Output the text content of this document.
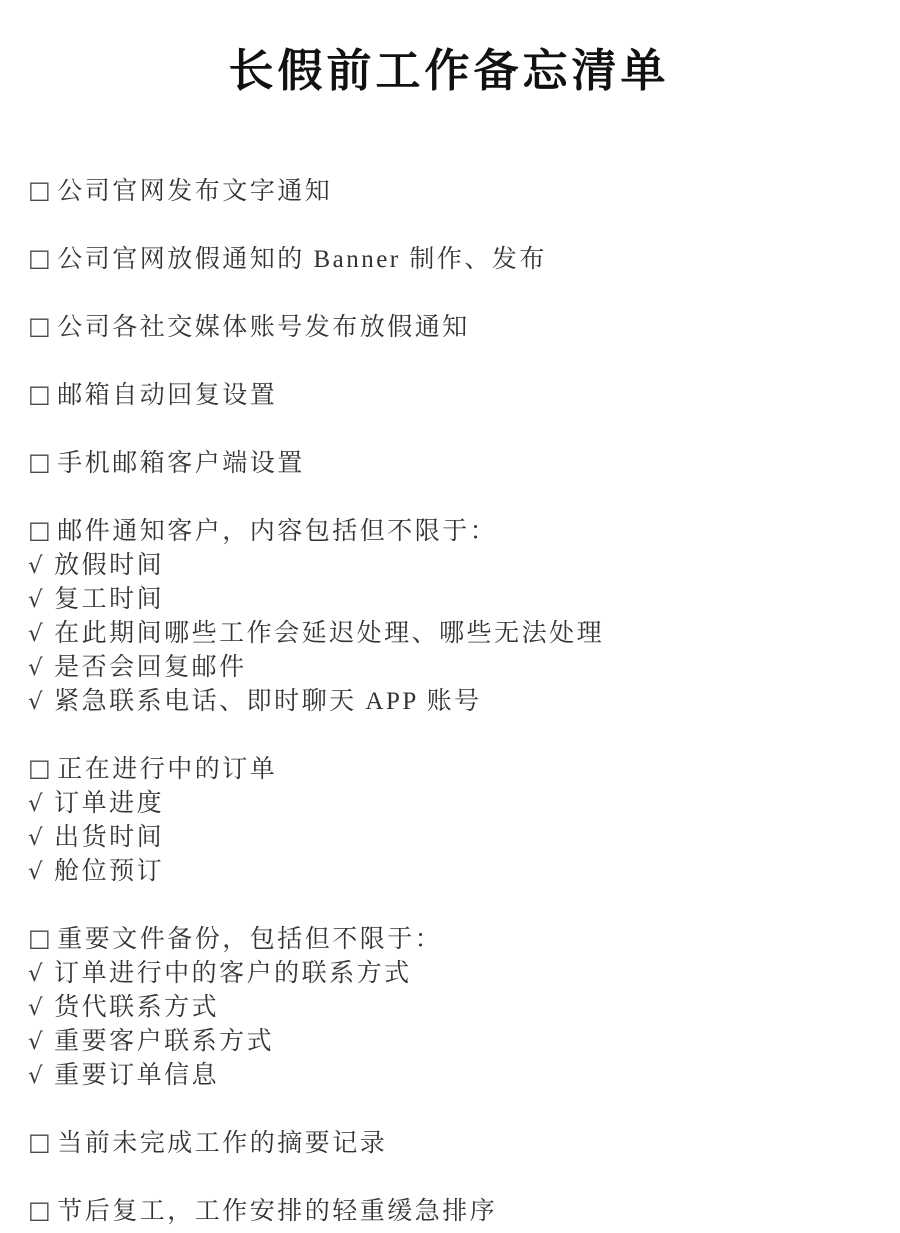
长假前工作备忘清单
□ 公司官网发布文字通知
□ 公司官网放假通知的 Banner 制作、发布
□ 公司各社交媒体账号发布放假通知
□ 邮箱自动回复设置
□ 手机邮箱客户端设置
□ 邮件通知客户，内容包括但不限于：
√ 放假时间
√ 复工时间
√ 在此期间哪些工作会延迟处理、哪些无法处理
√ 是否会回复邮件
√ 紧急联系电话、即时聊天 APP 账号
□ 正在进行中的订单
√ 订单进度
√ 出货时间
√ 舱位预订
□ 重要文件备份，包括但不限于：
√ 订单进行中的客户的联系方式
√ 货代联系方式
√ 重要客户联系方式
√ 重要订单信息
□ 当前未完成工作的摘要记录
□ 节后复工，工作安排的轻重缓急排序
